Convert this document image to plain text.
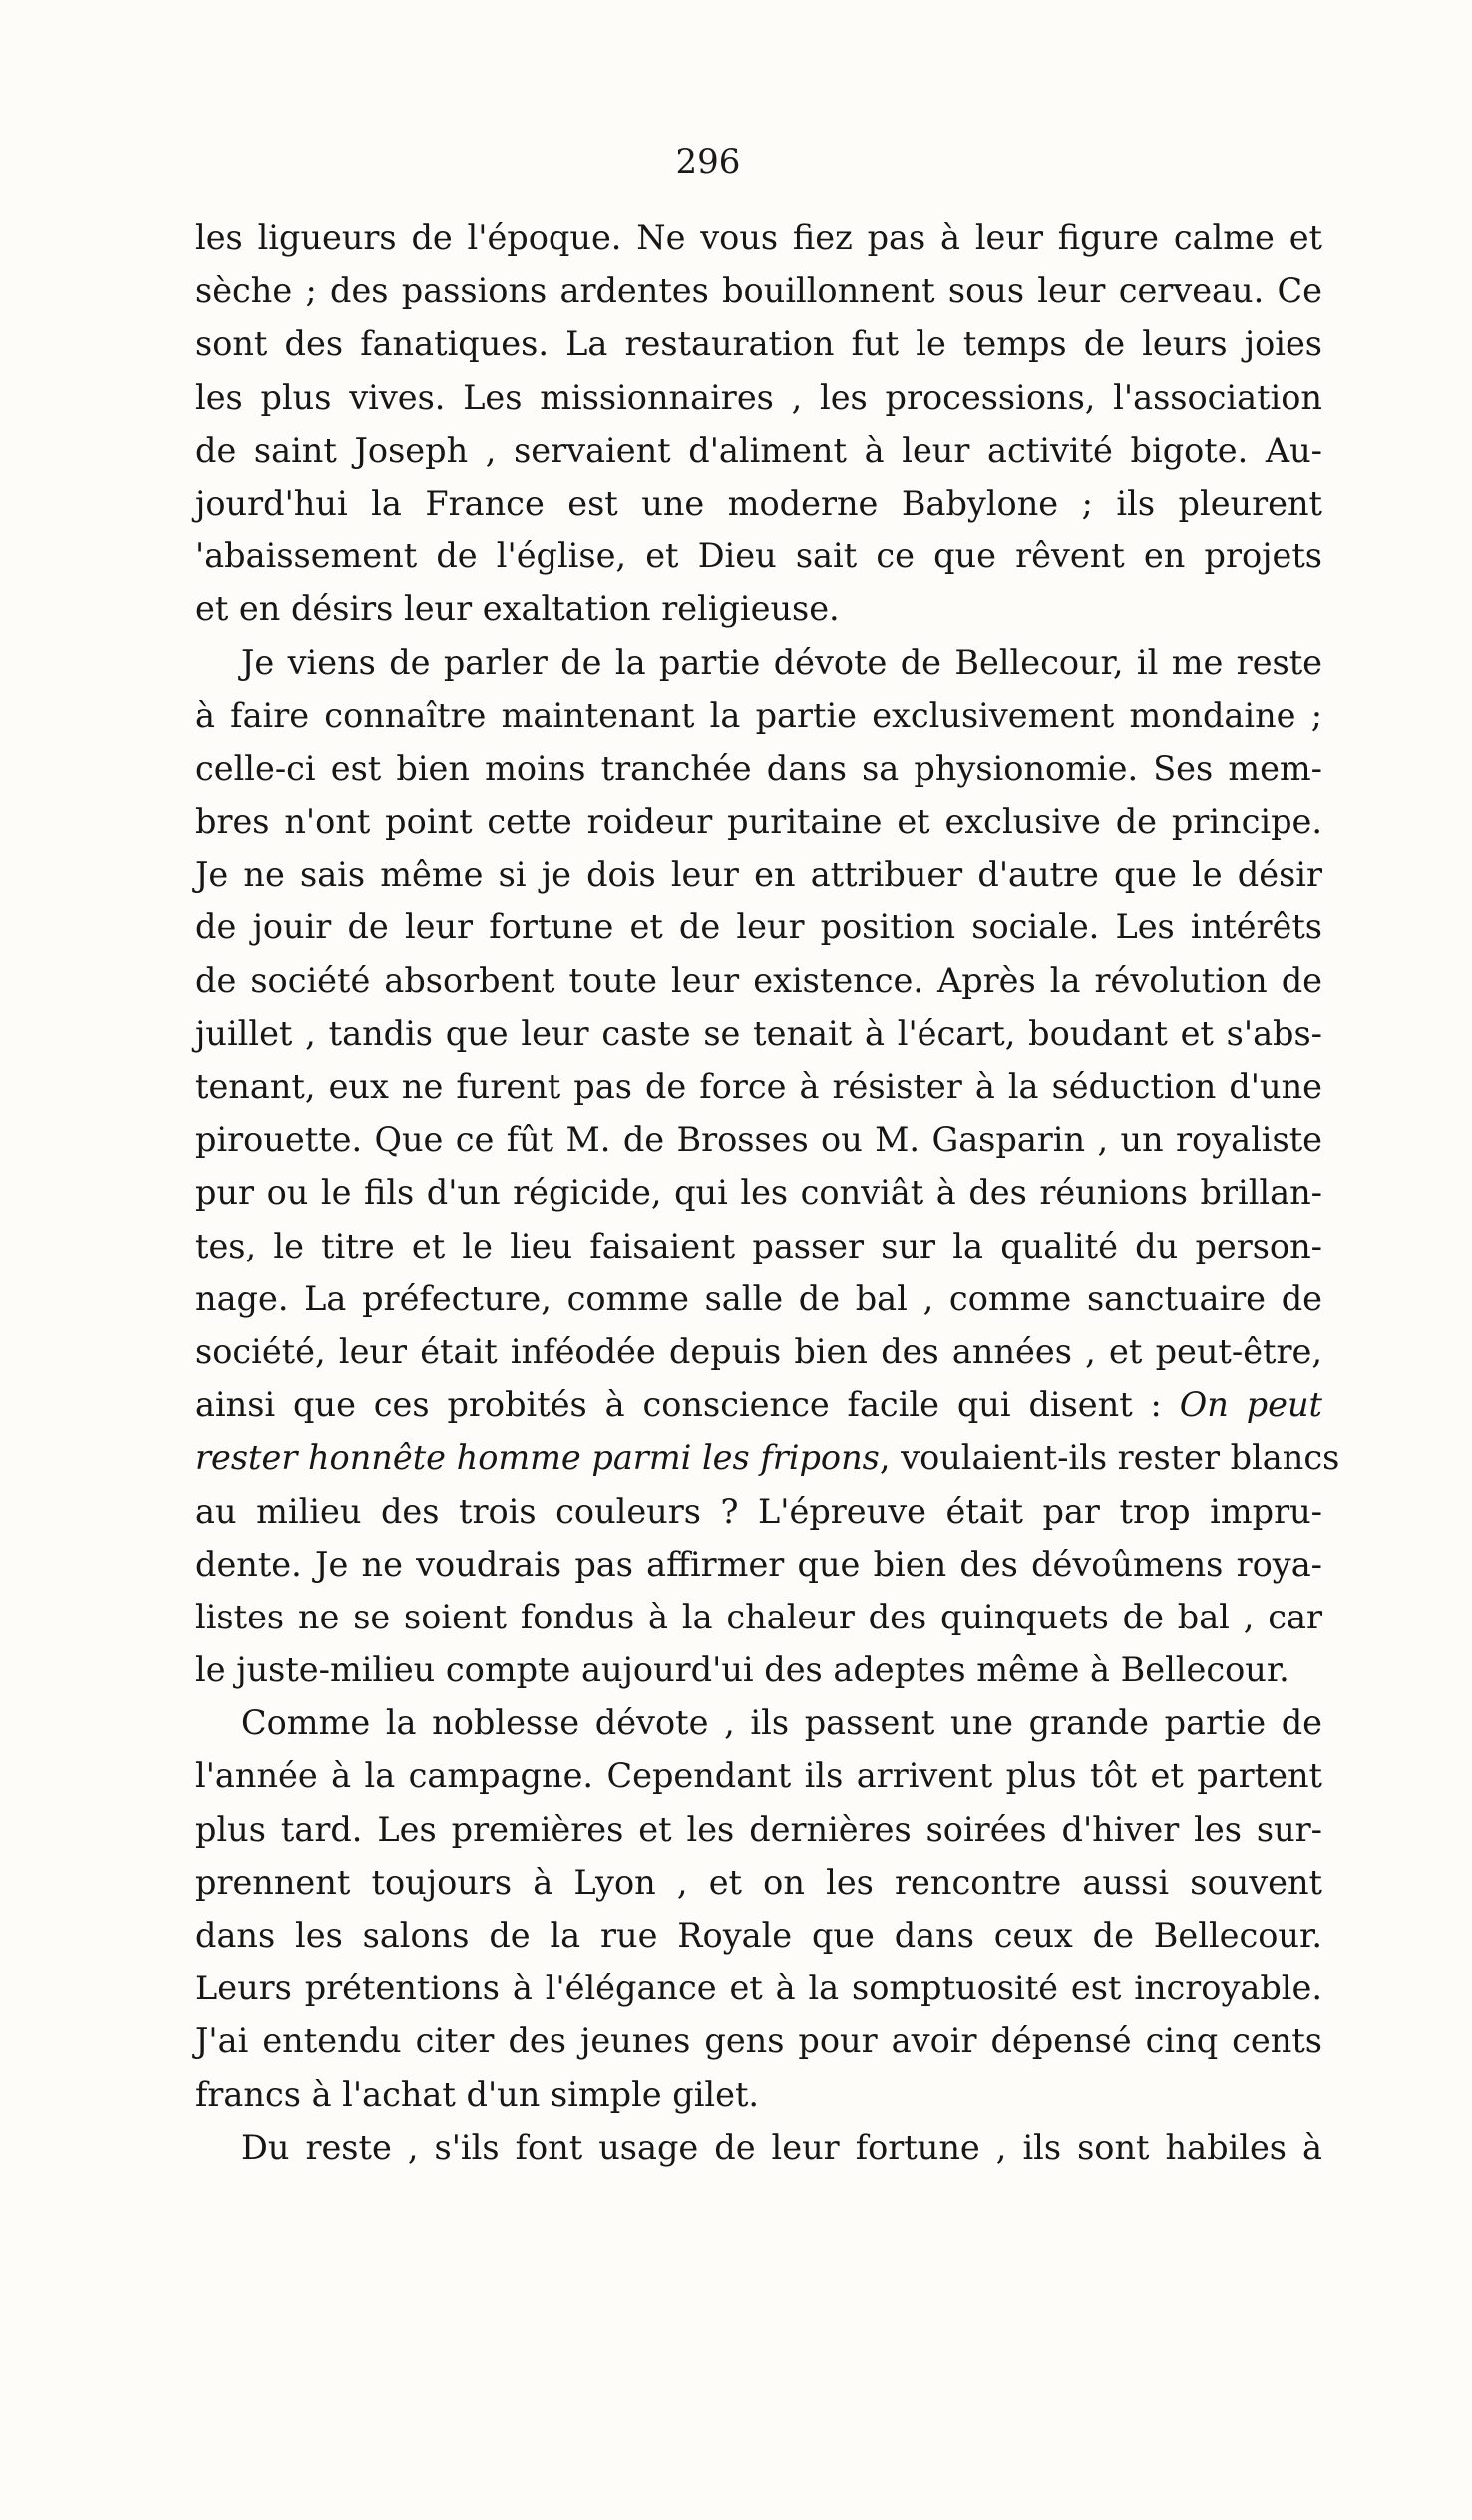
296
les ligueurs de l'époque. Ne vous fiez pas à leur figure calme et
sèche ; des passions ardentes bouillonnent sous leur cerveau. Ce
sont des fanatiques. La restauration fut le temps de leurs joies
les plus vives. Les missionnaires , les processions, l'association
de saint Joseph , servaient d'aliment à leur activité bigote. Au-
jourd'hui la France est une moderne Babylone ; ils pleurent
'abaissement de l'église, et Dieu sait ce que rêvent en projets
et en désirs leur exaltation religieuse.
Je viens de parler de la partie dévote de Bellecour, il me reste
à faire connaître maintenant la partie exclusivement mondaine ;
celle-ci est bien moins tranchée dans sa physionomie. Ses mem-
bres n'ont point cette roideur puritaine et exclusive de principe.
Je ne sais même si je dois leur en attribuer d'autre que le désir
de jouir de leur fortune et de leur position sociale. Les intérêts
de société absorbent toute leur existence. Après la révolution de
juillet , tandis que leur caste se tenait à l'écart, boudant et s'abs-
tenant, eux ne furent pas de force à résister à la séduction d'une
pirouette. Que ce fût M. de Brosses ou M. Gasparin , un royaliste
pur ou le fils d'un régicide, qui les conviât à des réunions brillan-
tes, le titre et le lieu faisaient passer sur la qualité du person-
nage. La préfecture, comme salle de bal , comme sanctuaire de
société, leur était inféodée depuis bien des années , et peut-être,
ainsi que ces probités à conscience facile qui disent : On peut
rester honnête homme parmi les fripons, voulaient-ils rester blancs
au milieu des trois couleurs ? L'épreuve était par trop impru-
dente. Je ne voudrais pas affirmer que bien des dévoûmens roya-
listes ne se soient fondus à la chaleur des quinquets de bal , car
le juste-milieu compte aujourd'ui des adeptes même à Bellecour.
Comme la noblesse dévote , ils passent une grande partie de
l'année à la campagne. Cependant ils arrivent plus tôt et partent
plus tard. Les premières et les dernières soirées d'hiver les sur-
prennent toujours à Lyon , et on les rencontre aussi souvent
dans les salons de la rue Royale que dans ceux de Bellecour.
Leurs prétentions à l'élégance et à la somptuosité est incroyable.
J'ai entendu citer des jeunes gens pour avoir dépensé cinq cents
francs à l'achat d'un simple gilet.
Du reste , s'ils font usage de leur fortune , ils sont habiles à
